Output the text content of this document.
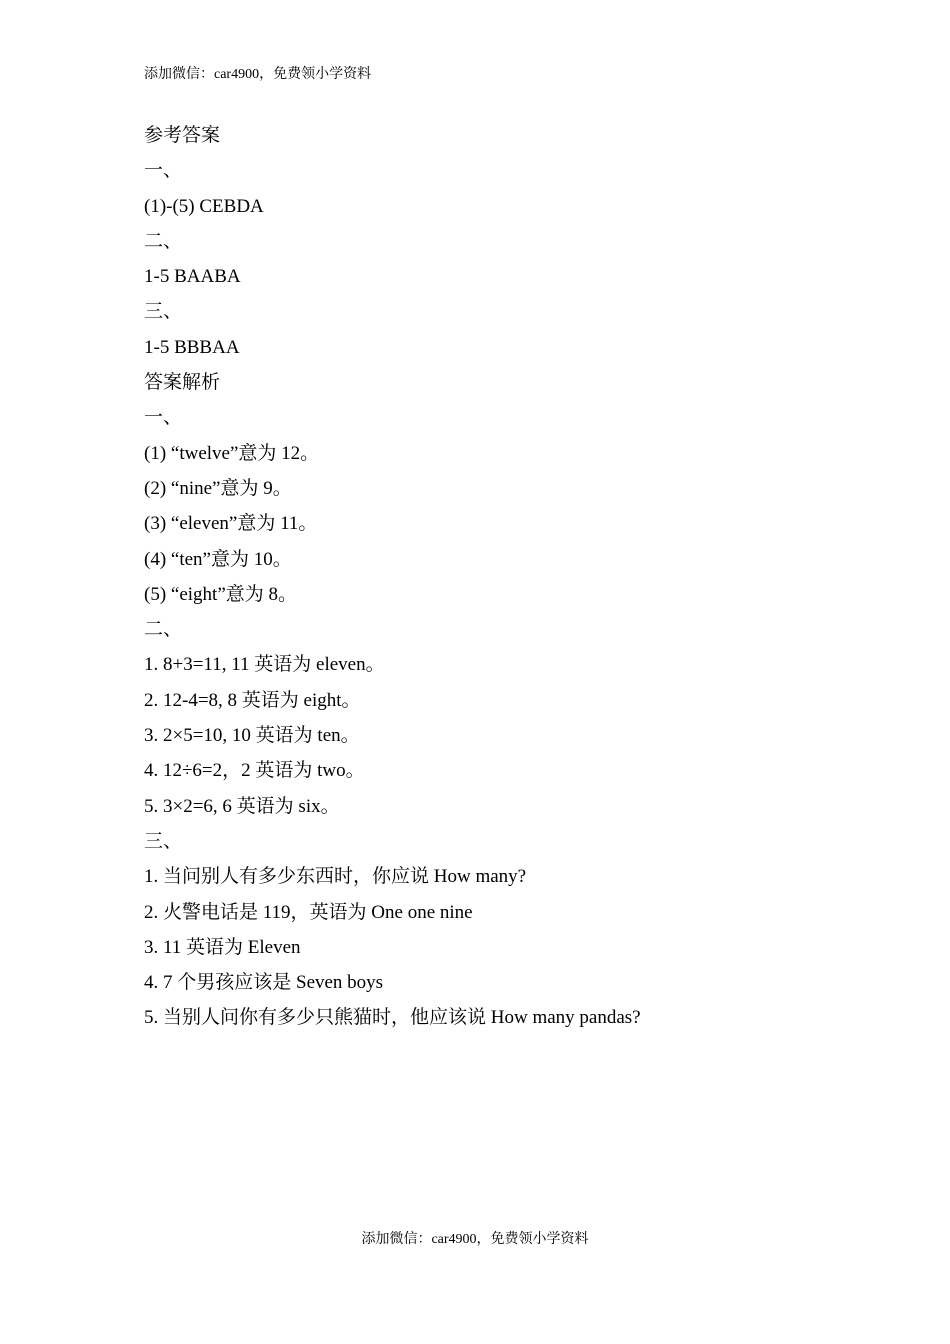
添加微信：car4900，免费领小学资料
参考答案
一、
(1)-(5) CEBDA
二、
1-5 BAABA
三、
1-5 BBBAA
答案解析
一、
(1) “twelve”意为 12。
(2) “nine”意为 9。
(3) “eleven”意为 11。
(4) “ten”意为 10。
(5) “eight”意为 8。
二、
1. 8+3=11, 11 英语为 eleven。
2. 12-4=8, 8 英语为 eight。
3. 2×5=10, 10 英语为 ten。
4. 12÷6=2，2 英语为 two。
5. 3×2=6, 6 英语为 six。
三、
1. 当问别人有多少东西时，你应说 How many?
2. 火警电话是 119，英语为 One one nine
3. 11 英语为 Eleven
4. 7 个男孩应该是 Seven boys
5. 当别人问你有多少只熊猫时，他应该说 How many pandas?
添加微信：car4900，免费领小学资料
